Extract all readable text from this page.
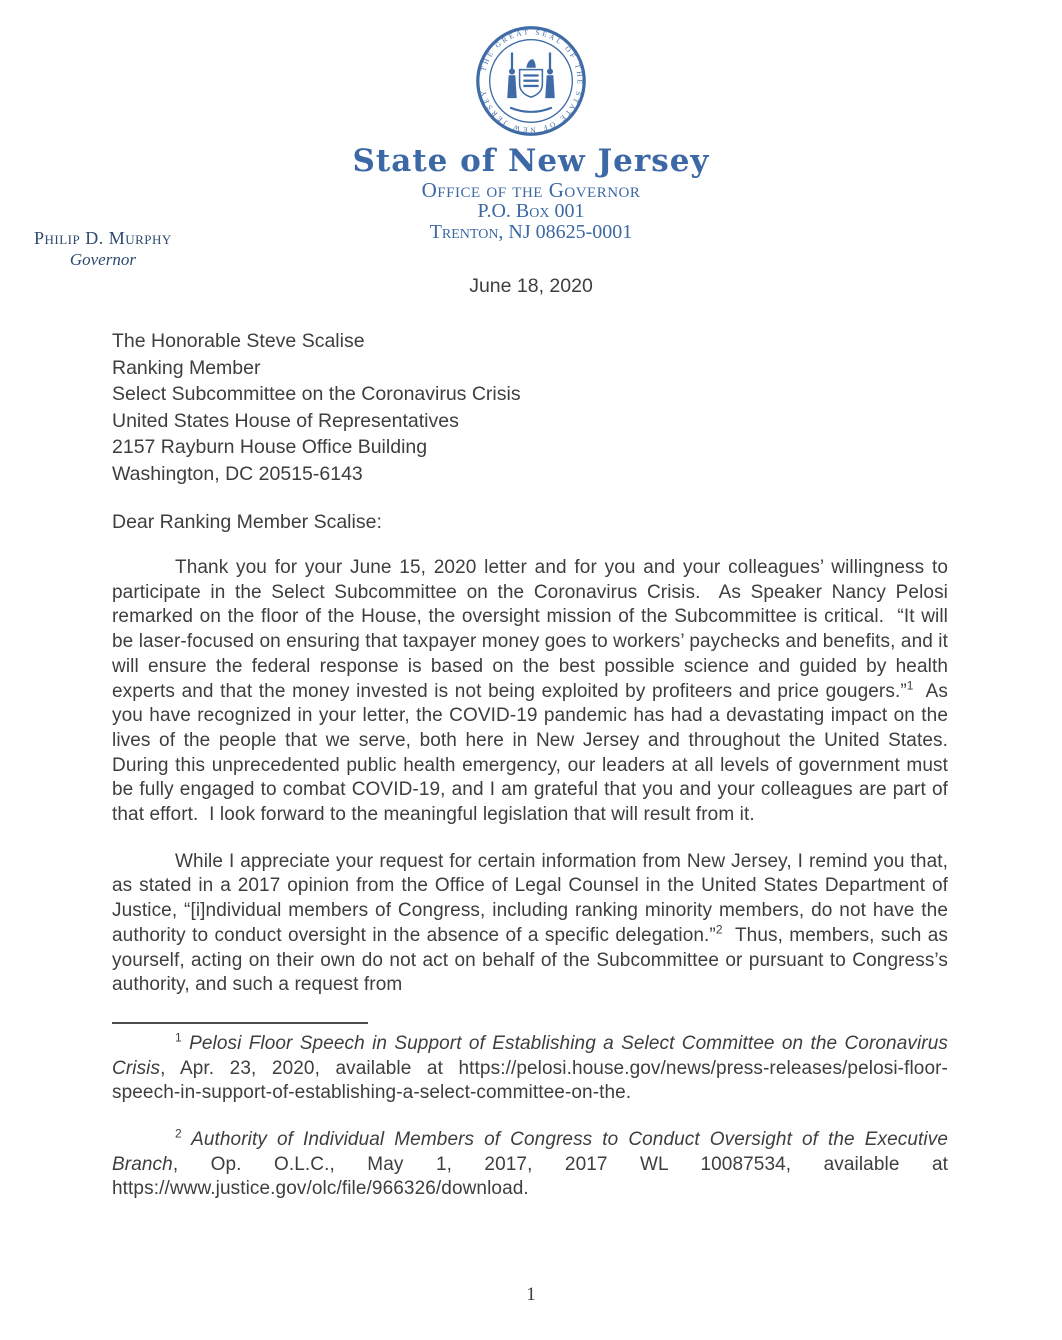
THE GREAT SEAL OF THE STATE OF NEW JERSEY
State of New Jersey
Office of the Governor
P.O. Box 001
Trenton, NJ 08625-0001
Philip D. Murphy
Governor
June 18, 2020
The Honorable Steve Scalise
Ranking Member
Select Subcommittee on the Coronavirus Crisis
United States House of Representatives
2157 Rayburn House Office Building
Washington, DC 20515-6143
Dear Ranking Member Scalise:

Thank you for your June 15, 2020 letter and for you and your colleagues’ willingness to participate in the Select Subcommittee on the Coronavirus Crisis.  As Speaker Nancy Pelosi remarked on the floor of the House, the oversight mission of the Subcommittee is critical.  “It will be laser-focused on ensuring that taxpayer money goes to workers’ paychecks and benefits, and it will ensure the federal response is based on the best possible science and guided by health experts and that the money invested is not being exploited by profiteers and price gougers.”$^1$  As you have recognized in your letter, the COVID-19 pandemic has had a devastating impact on the lives of the people that we serve, both here in New Jersey and throughout the United States.  During this unprecedented public health emergency, our leaders at all levels of government must be fully engaged to combat COVID-19, and I am grateful that you and your colleagues are part of that effort.  I look forward to the meaningful legislation that will result from it.

While I appreciate your request for certain information from New Jersey, I remind you that, as stated in a 2017 opinion from the Office of Legal Counsel in the United States Department of Justice, “[i]ndividual members of Congress, including ranking minority members, do not have the authority to conduct oversight in the absence of a specific delegation.”$^2$  Thus, members, such as yourself, acting on their own do not act on behalf of the Subcommittee or pursuant to Congress’s authority, and such a request from

$^1$ Pelosi Floor Speech in Support of Establishing a Select Committee on the Coronavirus Crisis, Apr. 23, 2020, available at https://pelosi.house.gov/news/press-releases/pelosi-floor-speech-in-support-of-establishing-a-select-committee-on-the.

$^2$ Authority of Individual Members of Congress to Conduct Oversight of the Executive Branch, Op. O.L.C., May 1, 2017, 2017 WL 10087534, available at https://www.justice.gov/olc/file/966326/download.

1
